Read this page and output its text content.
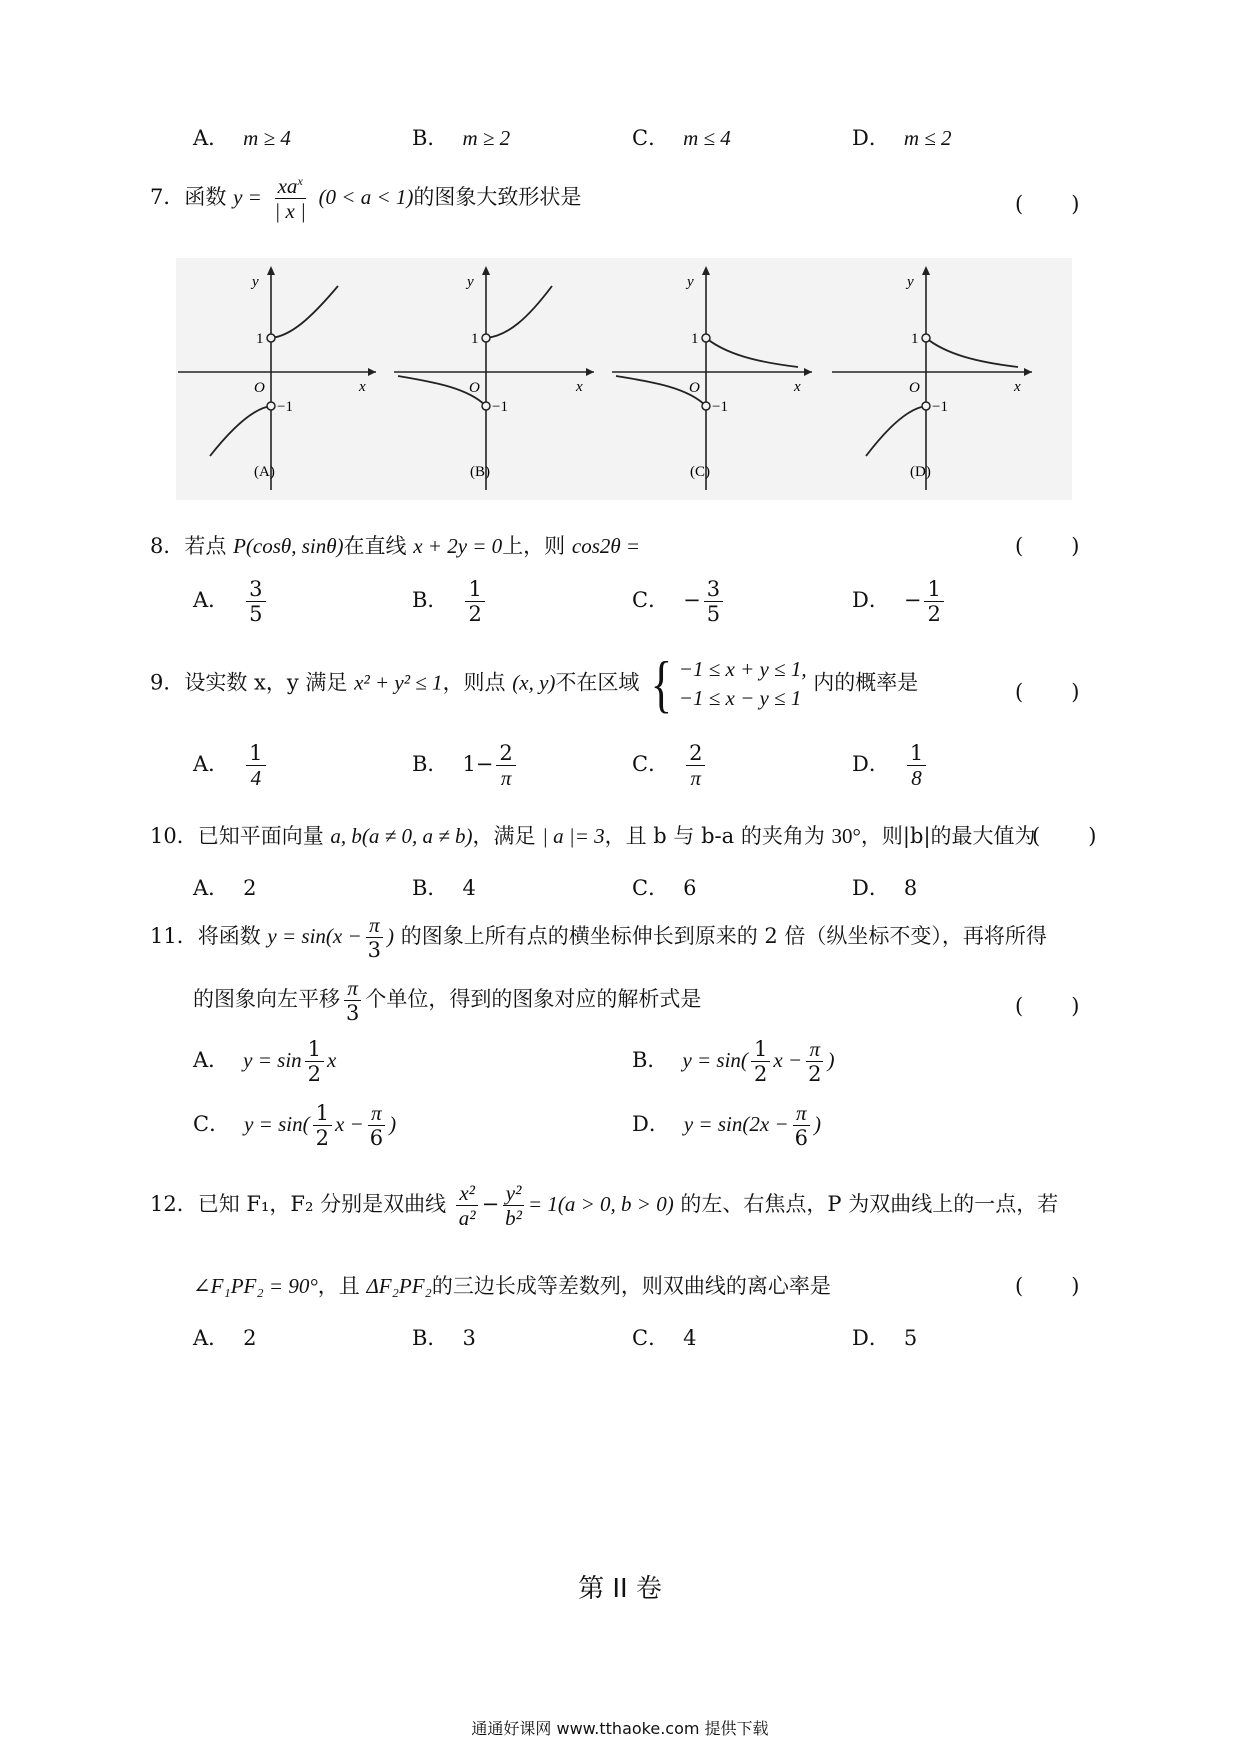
A． m ≥ 4	B． m ≥ 2	C． m ≤ 4	D． m ≤ 2
7．函数 $y = \frac{xa^x}{| x |} (0 < a < 1)$的图象大致形状是	(　　)
y
x
O
1
−1
(A)
y
x
O
1
−1
(B)
y
x
O
1
−1
(C)
y
x
O
1
−1
(D)
8．若点 P(cosθ, sinθ)在直线 x + 2y = 0上，则 cos2θ =	(　　)
A． $\frac{3}{5}$	B． $\frac{1}{2}$	C． − $\frac{3}{5}$	D． − $\frac{1}{2}$
9．设实数 x，y 满足 x² + y² ≤ 1，则点 (x, y)不在区域 { −1 ≤ x + y ≤ 1,
−1 ≤ x − y ≤ 1
内的概率是	(　　)
A． $\frac{1}{4}$	B． $1- \frac{2}{\pi}$	C． $\frac{2}{\pi}$	D． $\frac{1}{8}$
10．已知平面向量 a, b(a ≠ 0, a ≠ b)，满足 | a |= 3，且 b 与 b-a 的夹角为 30°，则|b|的最大值为
(　　)
A． 2	B． 4	C． 6	D． 8
11．将函数 $y = \sin(x - \frac{\pi}{3}$ ) 的图象上所有点的横坐标伸长到原来的 2 倍（纵坐标不变），再将所得
的图象向左平移 $\frac{\pi}{3}$ 个单位，得到的图象对应的解析式是	(　　)
A． $y = \sin \frac{1}{2}$ x	B． $y = \sin( \frac{1}{2}$ $x - \frac{\pi}{2}$ )
C． $y = \sin( \frac{1}{2}$ $x - \frac{\pi}{6}$ )	D． $y = \sin(2x - \frac{\pi}{6}$ )
12．已知 F₁，F₂ 分别是双曲线 $\frac{\text{x²}}{\text{a²}} - \frac{\text{y²}}{\text{b²}} = 1(a > 0$, b > 0) 的左、右焦点，P 为双曲线上的一点，若
∠F₁PF₂ = 90°，且 ΔF₂PF₂的三边长成等差数列，则双曲线的离心率是	(　　)
A． 2	B． 3	C． 4	D． 5
第 II 卷
通通好课网 www.tthaoke.com 提供下载
